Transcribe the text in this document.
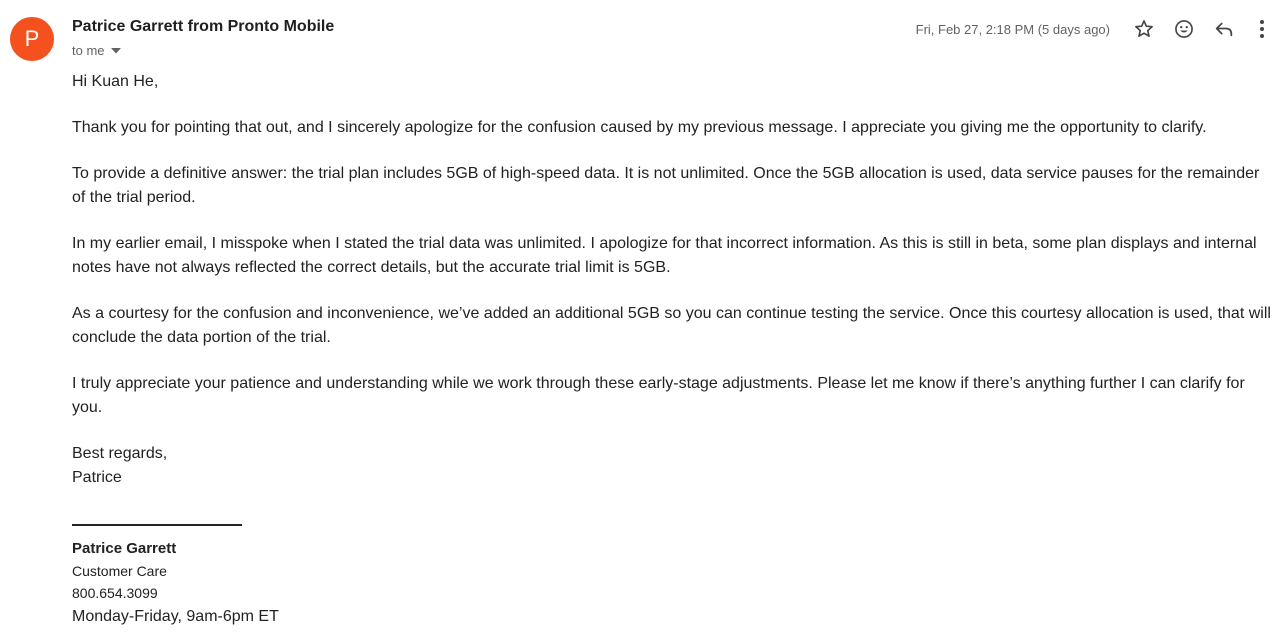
P	Patrice Garrett from Pronto Mobile
to me
Fri, Feb 27, 2:18 PM (5 days ago)

Hi Kuan He,

Thank you for pointing that out, and I sincerely apologize for the confusion caused by my previous message. I appreciate you giving me the opportunity to clarify.

To provide a definitive answer: the trial plan includes 5GB of high-speed data. It is not unlimited. Once the 5GB allocation is used, data service pauses for the remainder of the trial period.

In my earlier email, I misspoke when I stated the trial data was unlimited. I apologize for that incorrect information. As this is still in beta, some plan displays and internal notes have not always reflected the correct details, but the accurate trial limit is 5GB.

As a courtesy for the confusion and inconvenience, we’ve added an additional 5GB so you can continue testing the service. Once this courtesy allocation is used, that will conclude the data portion of the trial.

I truly appreciate your patience and understanding while we work through these early-stage adjustments. Please let me know if there’s anything further I can clarify for you.

Best regards,
Patrice
Patrice Garrett
Customer Care
800.654.3099
Monday-Friday, 9am-6pm ET
